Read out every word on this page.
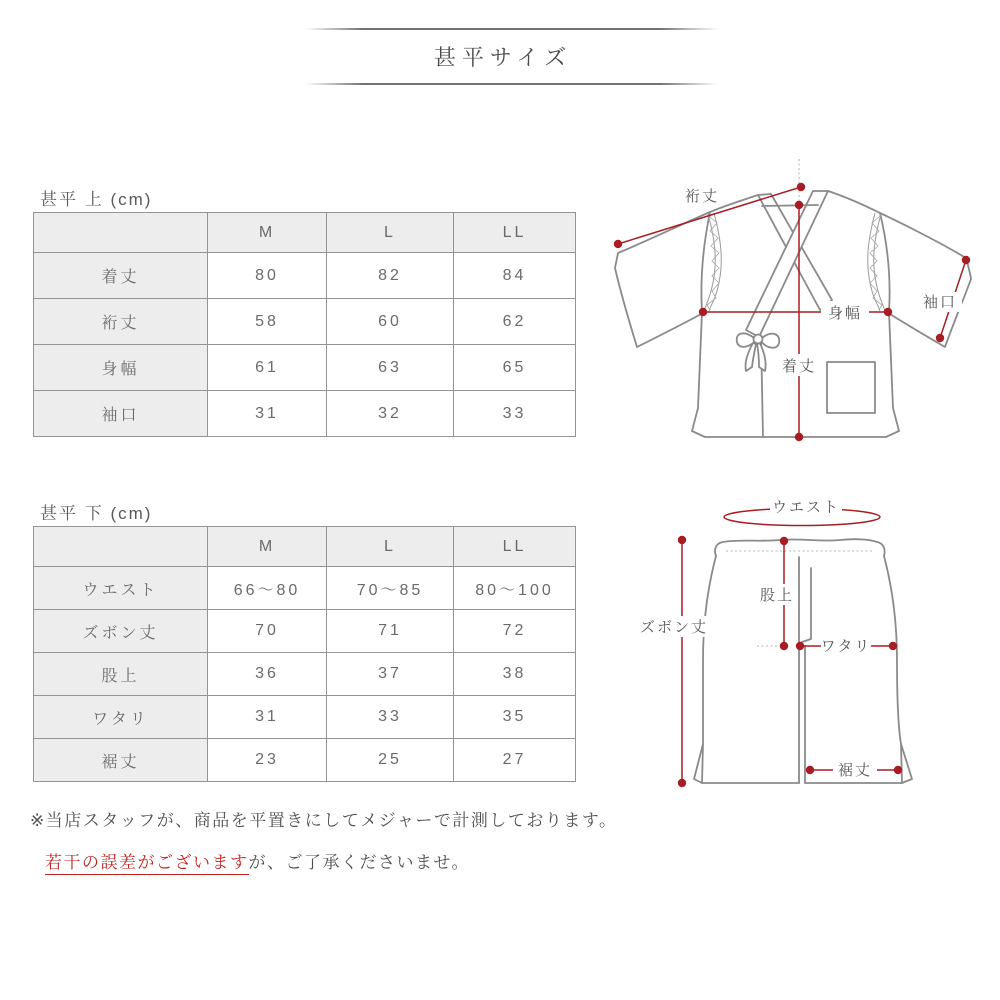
甚平サイズ
甚平 上 (cm)
	M	L	LL
着丈	80	82	84
裄丈	58	60	62
身幅	61	63	65
袖口	31	32	33
甚平 下 (cm)
	M	L	LL
ウエスト	66～80	70～85	80～100
ズボン丈	70	71	72
股上	36	37	38
ワタリ	31	33	35
裾丈	23	25	27
裄丈
身幅
袖口
着丈
ウエスト
ズボン丈
股上
ワタリ
裾丈
※当店スタッフが、商品を平置きにしてメジャーで計測しております。
若干の誤差がございますが、ご了承くださいませ。
